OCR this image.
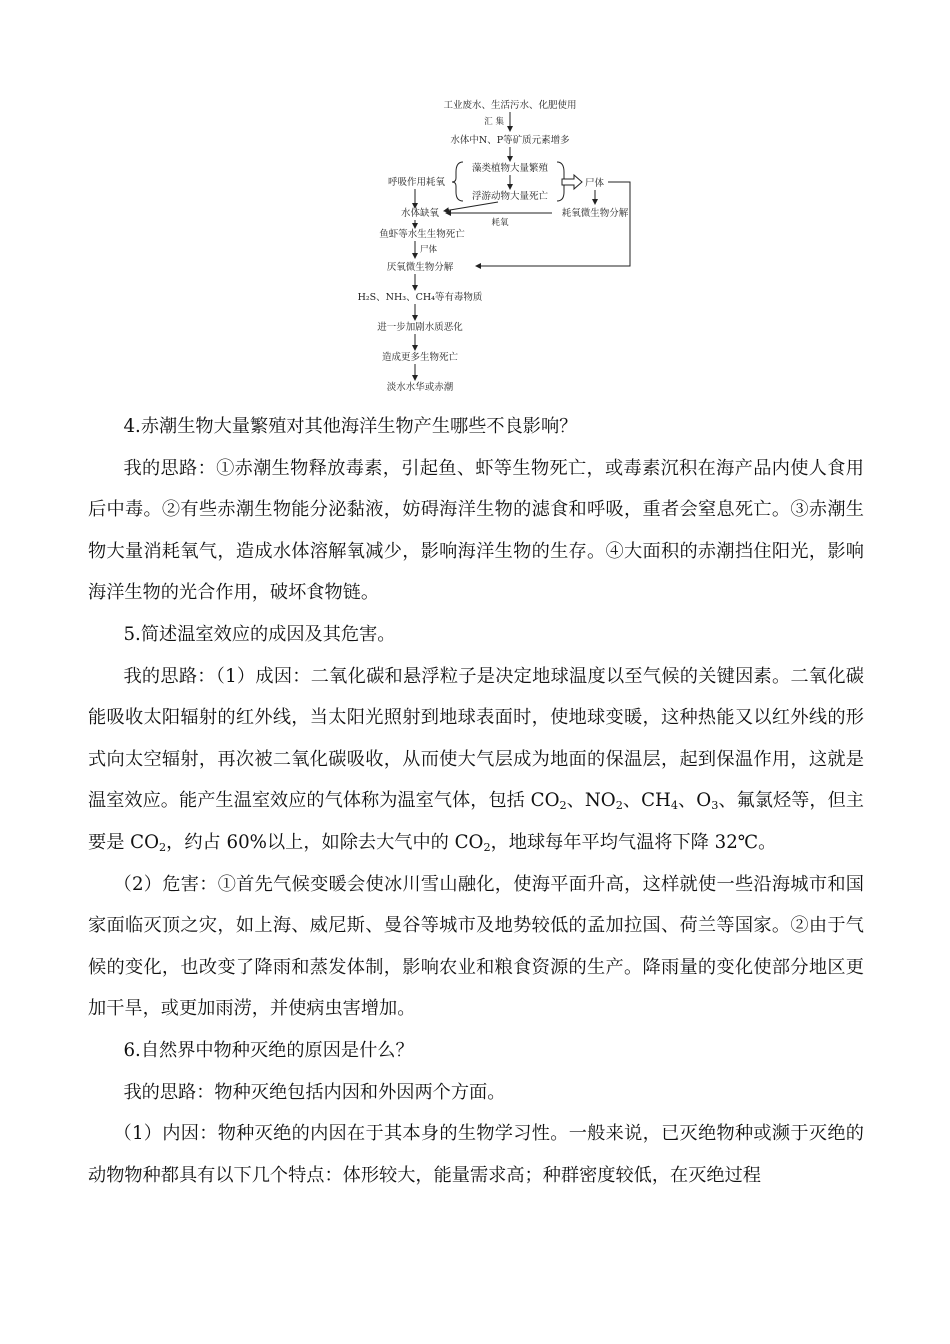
工业废水、生活污水、化肥使用
汇 集
水体中N、P等矿质元素增多
藻类植物大量繁殖
浮游动物大量死亡
呼吸作用耗氧	尸体
水体缺氧	耗氧微生物分解
耗氧
鱼虾等水生生物死亡
尸体
厌氧微生物分解
H₂S、NH₃、CH₄等有毒物质
进一步加剧水质恶化
造成更多生物死亡
淡水水华或赤潮

4.赤潮生物大量繁殖对其他海洋生物产生哪些不良影响？

我的思路：①赤潮生物释放毒素，引起鱼、虾等生物死亡，或毒素沉积在海产品内使人食用后中毒。②有些赤潮生物能分泌黏液，妨碍海洋生物的滤食和呼吸，重者会窒息死亡。③赤潮生物大量消耗氧气，造成水体溶解氧减少，影响海洋生物的生存。④大面积的赤潮挡住阳光，影响海洋生物的光合作用，破坏食物链。

5.简述温室效应的成因及其危害。

我的思路：（1）成因：二氧化碳和悬浮粒子是决定地球温度以至气候的关键因素。二氧化碳能吸收太阳辐射的红外线，当太阳光照射到地球表面时，使地球变暖，这种热能又以红外线的形式向太空辐射，再次被二氧化碳吸收，从而使大气层成为地面的保温层，起到保温作用，这就是温室效应。能产生温室效应的气体称为温室气体，包括 $CO_2$、$NO_2$、$CH_4$、$O_3$、氟氯烃等，但主要是 $CO_2$，约占 60%以上，如除去大气中的 $CO_2$，地球每年平均气温将下降 32℃。

（2）危害：①首先气候变暖会使冰川雪山融化，使海平面升高，这样就使一些沿海城市和国家面临灭顶之灾，如上海、威尼斯、曼谷等城市及地势较低的孟加拉国、荷兰等国家。②由于气候的变化，也改变了降雨和蒸发体制，影响农业和粮食资源的生产。降雨量的变化使部分地区更加干旱，或更加雨涝，并使病虫害增加。

6.自然界中物种灭绝的原因是什么？

我的思路：物种灭绝包括内因和外因两个方面。

（1）内因：物种灭绝的内因在于其本身的生物学习性。一般来说，已灭绝物种或濒于灭绝的动物物种都具有以下几个特点：体形较大，能量需求高；种群密度较低，在灭绝过程
